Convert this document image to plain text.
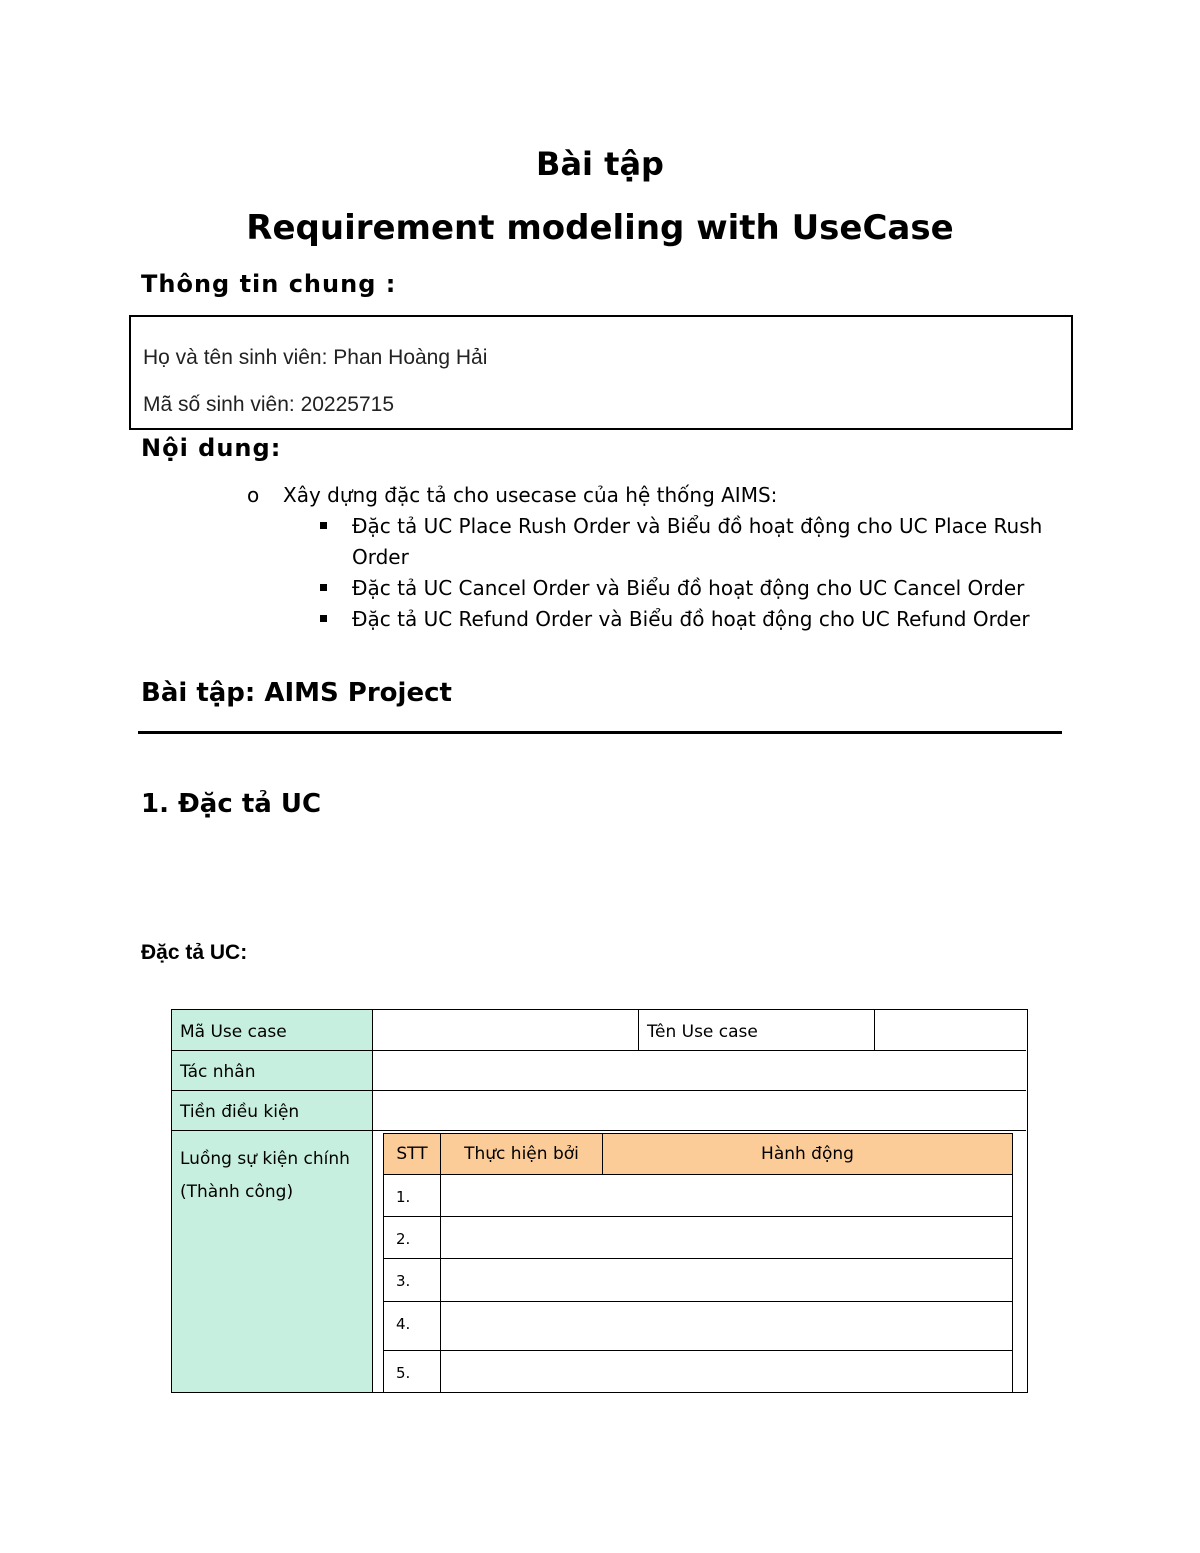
Bài tập
Requirement modeling with UseCase
Thông tin chung :
Họ và tên sinh viên: Phan Hoàng Hải
Mã số sinh viên: 20225715
Nội dung:
o Xây dựng đặc tả cho usecase của hệ thống AIMS:
Đặc tả UC Place Rush Order và Biểu đồ hoạt động cho UC Place Rush Order
Đặc tả UC Cancel Order và Biểu đồ hoạt động cho UC Cancel Order
Đặc tả UC Refund Order và Biểu đồ hoạt động cho UC Refund Order
Bài tập: AIMS Project
1. Đặc tả UC
Đặc tả UC:
Mã Use case	Tên Use case
Tác nhân
Tiền điều kiện
Luồng sự kiện chính (Thành công)
STT	Thực hiện bởi	Hành động
1.
2.
3.
4.
5.
